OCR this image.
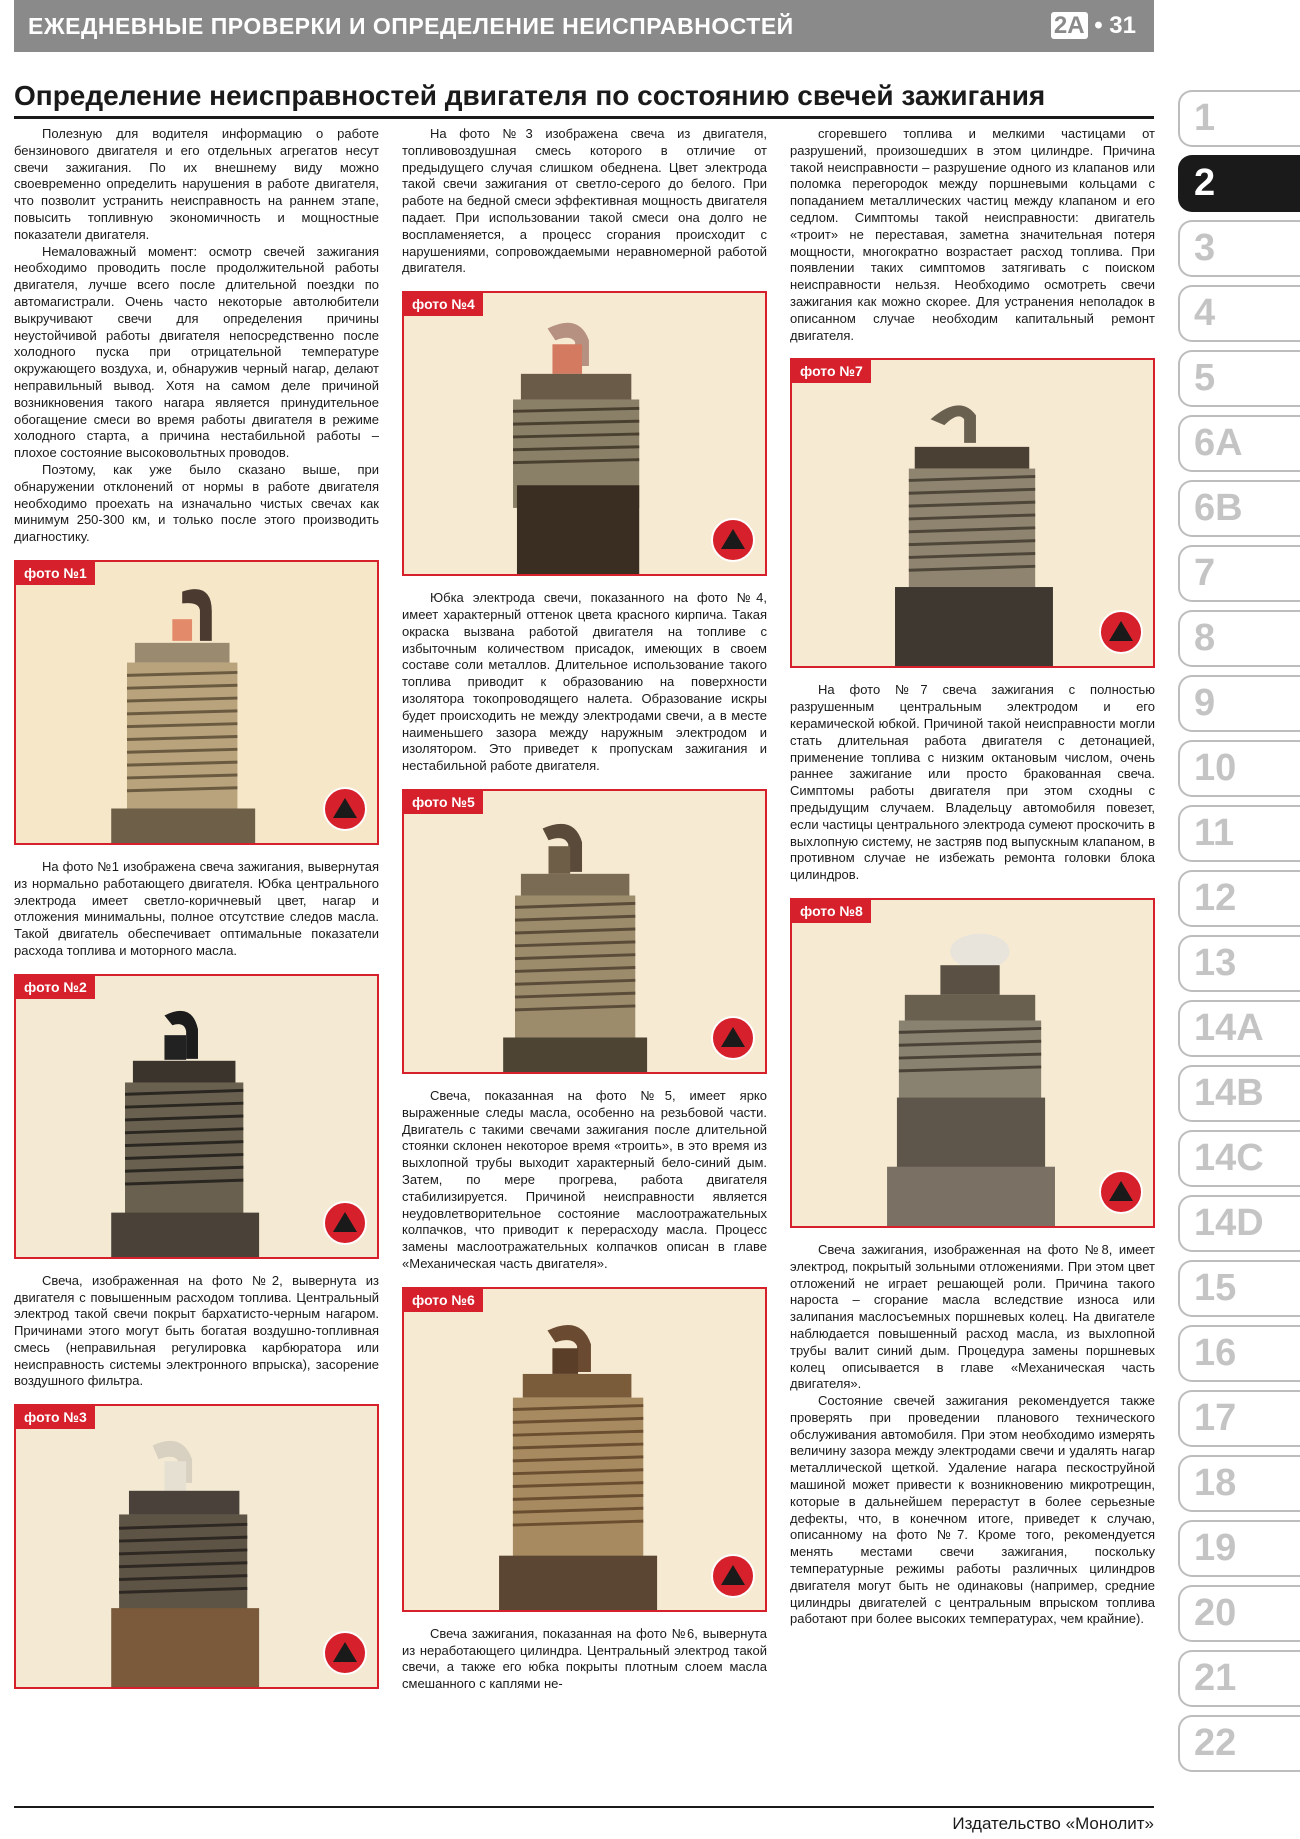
ЕЖЕДНЕВНЫЕ ПРОВЕРКИ И ОПРЕДЕЛЕНИЕ НЕИСПРАВНОСТЕЙ	2A • 31
Определение неисправностей двигателя по состоянию свечей зажигания

Полезную для водителя информацию о работе бензинового двигателя и его отдельных агрегатов несут свечи зажигания. По их внешнему виду можно своевременно определить нарушения в работе двигателя, что позволит устранить неисправность на раннем этапе, повысить топливную экономичность и мощностные показатели двигателя.

Немаловажный момент: осмотр свечей зажигания необходимо проводить после продолжительной работы двигателя, лучше всего после длительной поездки по автомагистрали. Очень часто некоторые автолюбители выкручивают свечи для определения причины неустойчивой работы двигателя непосредственно после холодного пуска при отрицательной температуре окружающего воздуха, и, обнаружив черный нагар, делают неправильный вывод. Хотя на самом деле причиной возникновения такого нагара является принудительное обогащение смеси во время работы двигателя в режиме холодного старта, а причина нестабильной работы – плохое состояние высоковольтных проводов.

Поэтому, как уже было сказано выше, при обнаружении отклонений от нормы в работе двигателя необходимо проехать на изначально чистых свечах как минимум 250-300 км, и только после этого производить диагностику.

фото №1

На фото №1 изображена свеча зажигания, вывернутая из нормально работающего двигателя. Юбка центрального электрода имеет светло-коричневый цвет, нагар и отложения минимальны, полное отсутствие следов масла. Такой двигатель обеспечивает оптимальные показатели расхода топлива и моторного масла.

фото №2

Свеча, изображенная на фото №2, вывернута из двигателя с повышенным расходом топлива. Центральный электрод такой свечи покрыт бархатисто-черным нагаром. Причинами этого могут быть богатая воздушно-топливная смесь (неправильная регулировка карбюратора или неисправность системы электронного впрыска), засорение воздушного фильтра.

фото №3

На фото №3 изображена свеча из двигателя, топливовоздушная смесь которого в отличие от предыдущего случая слишком обеднена. Цвет электрода такой свечи зажигания от светло-серого до белого. При работе на бедной смеси эффективная мощность двигателя падает. При использовании такой смеси она долго не воспламеняется, а процесс сгорания происходит с нарушениями, сопровождаемыми неравномерной работой двигателя.

фото №4

Юбка электрода свечи, показанного на фото №4, имеет характерный оттенок цвета красного кирпича. Такая окраска вызвана работой двигателя на топливе с избыточным количеством присадок, имеющих в своем составе соли металлов. Длительное использование такого топлива приводит к образованию на поверхности изолятора токопроводящего налета. Образование искры будет происходить не между электродами свечи, а в месте наименьшего зазора между наружным электродом и изолятором. Это приведет к пропускам зажигания и нестабильной работе двигателя.

фото №5

Свеча, показанная на фото №5, имеет ярко выраженные следы масла, особенно на резьбовой части. Двигатель с такими свечами зажигания после длительной стоянки склонен некоторое время «троить», в это время из выхлопной трубы выходит характерный бело-синий дым. Затем, по мере прогрева, работа двигателя стабилизируется. Причиной неисправности является неудовлетворительное состояние маслоотражательных колпачков, что приводит к перерасходу масла. Процесс замены маслоотражательных колпачков описан в главе «Механическая часть двигателя».

фото №6

Свеча зажигания, показанная на фото №6, вывернута из неработающего цилиндра. Центральный электрод такой свечи, а также его юбка покрыты плотным слоем масла смешанного с каплями не-

сгоревшего топлива и мелкими частицами от разрушений, произошедших в этом цилиндре. Причина такой неисправности – разрушение одного из клапанов или поломка перегородок между поршневыми кольцами с попаданием металлических частиц между клапаном и его седлом. Симптомы такой неисправности: двигатель «троит» не переставая, заметна значительная потеря мощности, многократно возрастает расход топлива. При появлении таких симптомов затягивать с поиском неисправности нельзя. Необходимо осмотреть свечи зажигания как можно скорее. Для устранения неполадок в описанном случае необходим капитальный ремонт двигателя.

фото №7

На фото №7 свеча зажигания с полностью разрушенным центральным электродом и его керамической юбкой. Причиной такой неисправности могли стать длительная работа двигателя с детонацией, применение топлива с низким октановым числом, очень раннее зажигание или просто бракованная свеча. Симптомы работы двигателя при этом сходны с предыдущим случаем. Владельцу автомобиля повезет, если частицы центрального электрода сумеют проскочить в выхлопную систему, не застряв под выпускным клапаном, в противном случае не избежать ремонта головки блока цилиндров.

фото №8

Свеча зажигания, изображенная на фото №8, имеет электрод, покрытый зольными отложениями. При этом цвет отложений не играет решающей роли. Причина такого нароста – сгорание масла вследствие износа или залипания маслосъемных поршневых колец. На двигателе наблюдается повышенный расход масла, из выхлопной трубы валит синий дым. Процедура замены поршневых колец описывается в главе «Механическая часть двигателя».

Состояние свечей зажигания рекомендуется также проверять при проведении планового технического обслуживания автомобиля. При этом необходимо измерять величину зазора между электродами свечи и удалять нагар металлической щеткой. Удаление нагара пескоструйной машиной может привести к возникновению микротрещин, которые в дальнейшем перерастут в более серьезные дефекты, что, в конечном итоге, приведет к случаю, описанному на фото №7. Кроме того, рекомендуется менять местами свечи зажигания, поскольку температурные режимы работы различных цилиндров двигателя могут быть не одинаковы (например, средние цилиндры двигателей с центральным впрыском топлива работают при более высоких температурах, чем крайние).

1
2
3
4
5
6A
6B
7
8
9
10
11
12
13
14A
14B
14C
14D
15
16
17
18
19
20
21
22
Издательство «Монолит»
